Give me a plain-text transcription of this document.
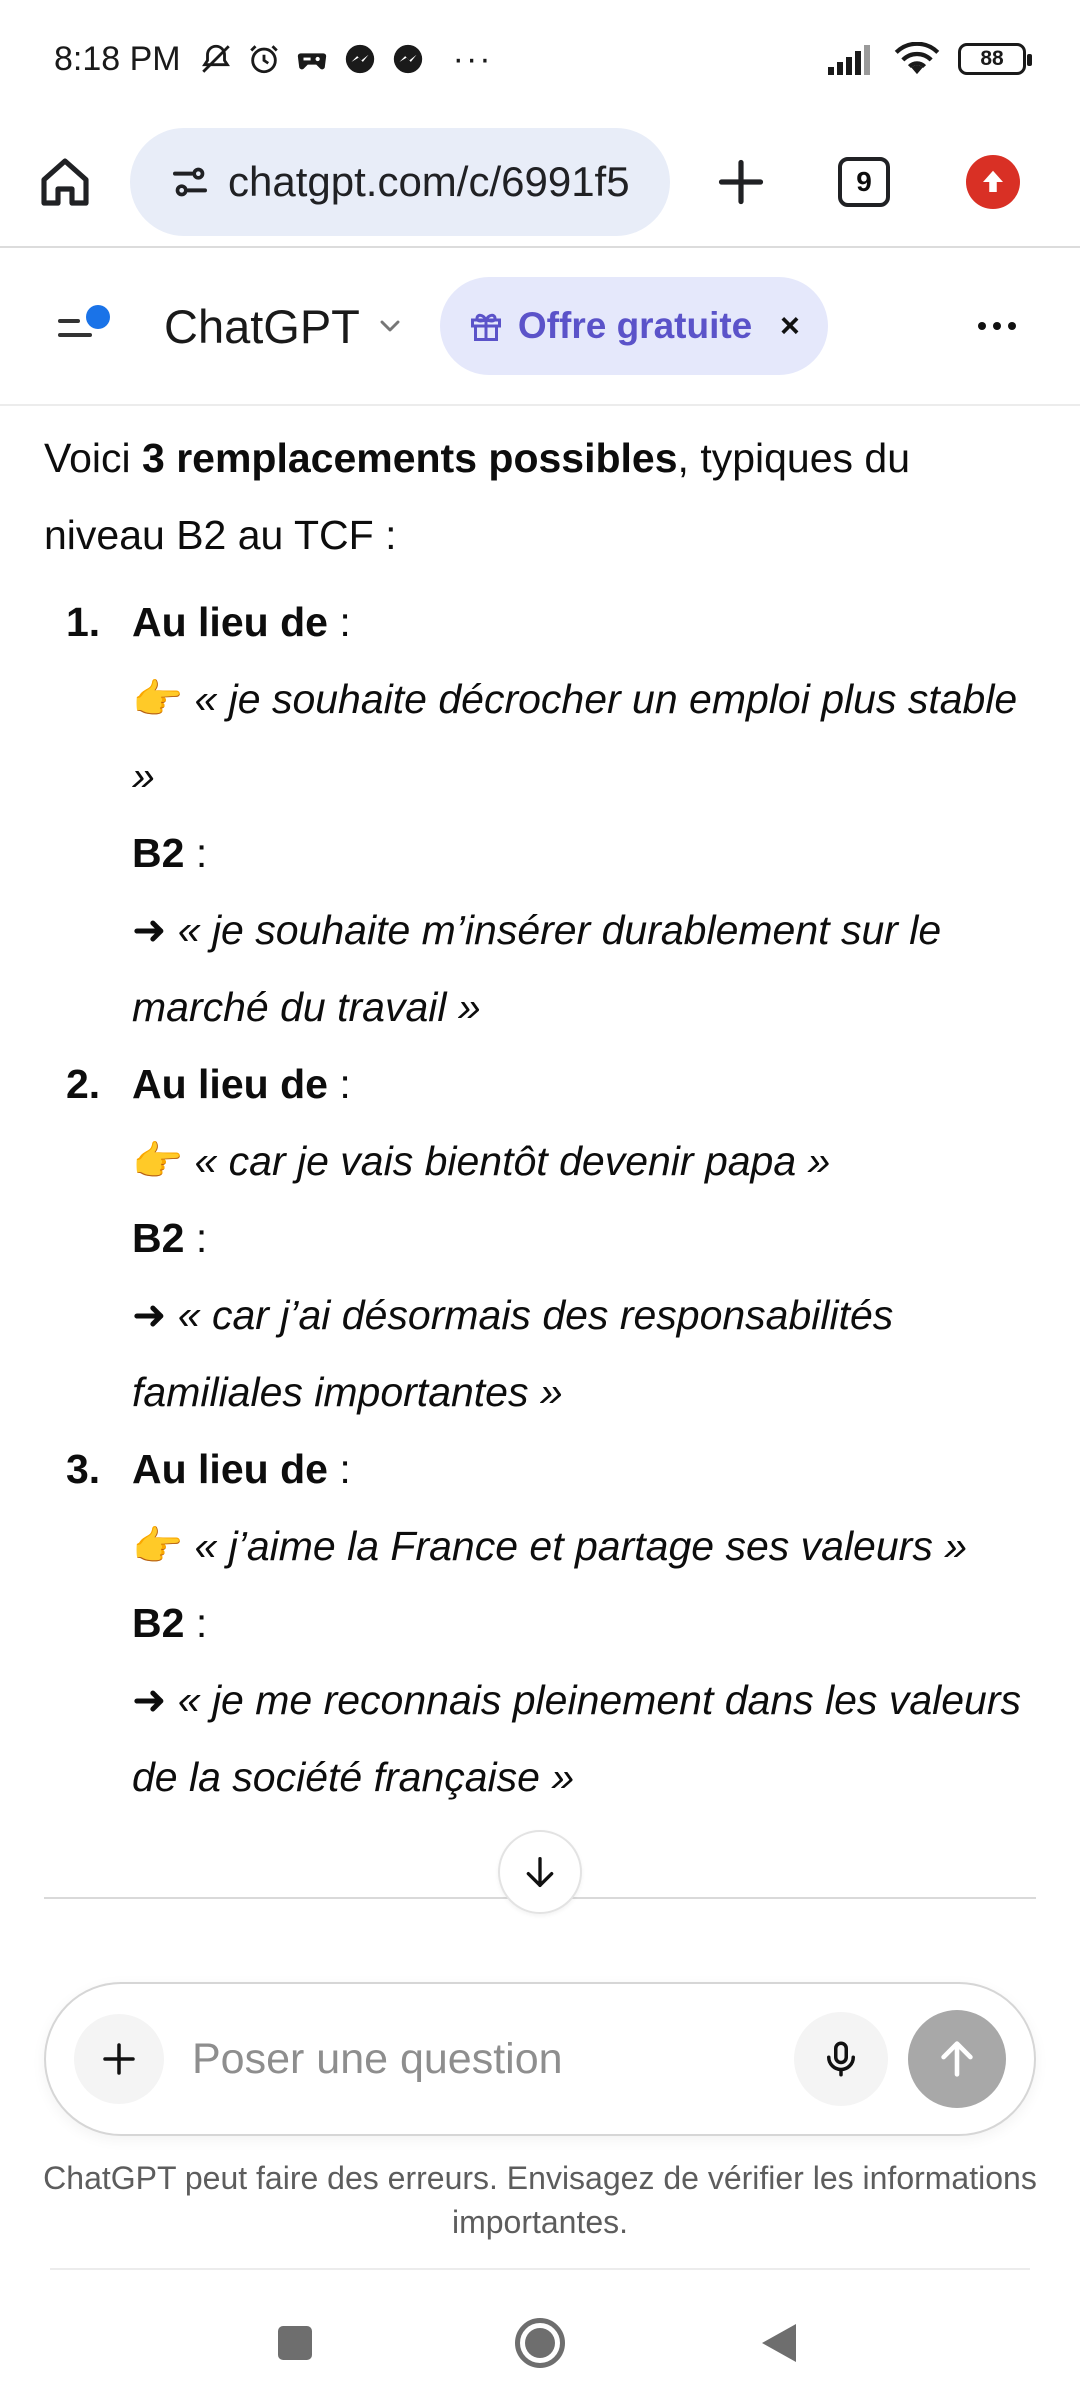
8:18 PM	···	88
chatgpt.com/c/6991f5	9
ChatGPT	Offre gratuite ×

Voici 3 remplacements possibles, typiques du niveau B2 au TCF :

1. Au lieu de :
👉 « je souhaite décrocher un emploi plus stable »
B2 :
➜ « je souhaite m’insérer durablement sur le marché du travail »
2. Au lieu de :
👉 « car je vais bientôt devenir papa »
B2 :
➜ « car j’ai désormais des responsabilités familiales importantes »
3. Au lieu de :
👉 « j’aime la France et partage ses valeurs »
B2 :
➜ « je me reconnais pleinement dans les valeurs de la société française »
Poser une question

ChatGPT peut faire des erreurs. Envisagez de vérifier les informations importantes.
